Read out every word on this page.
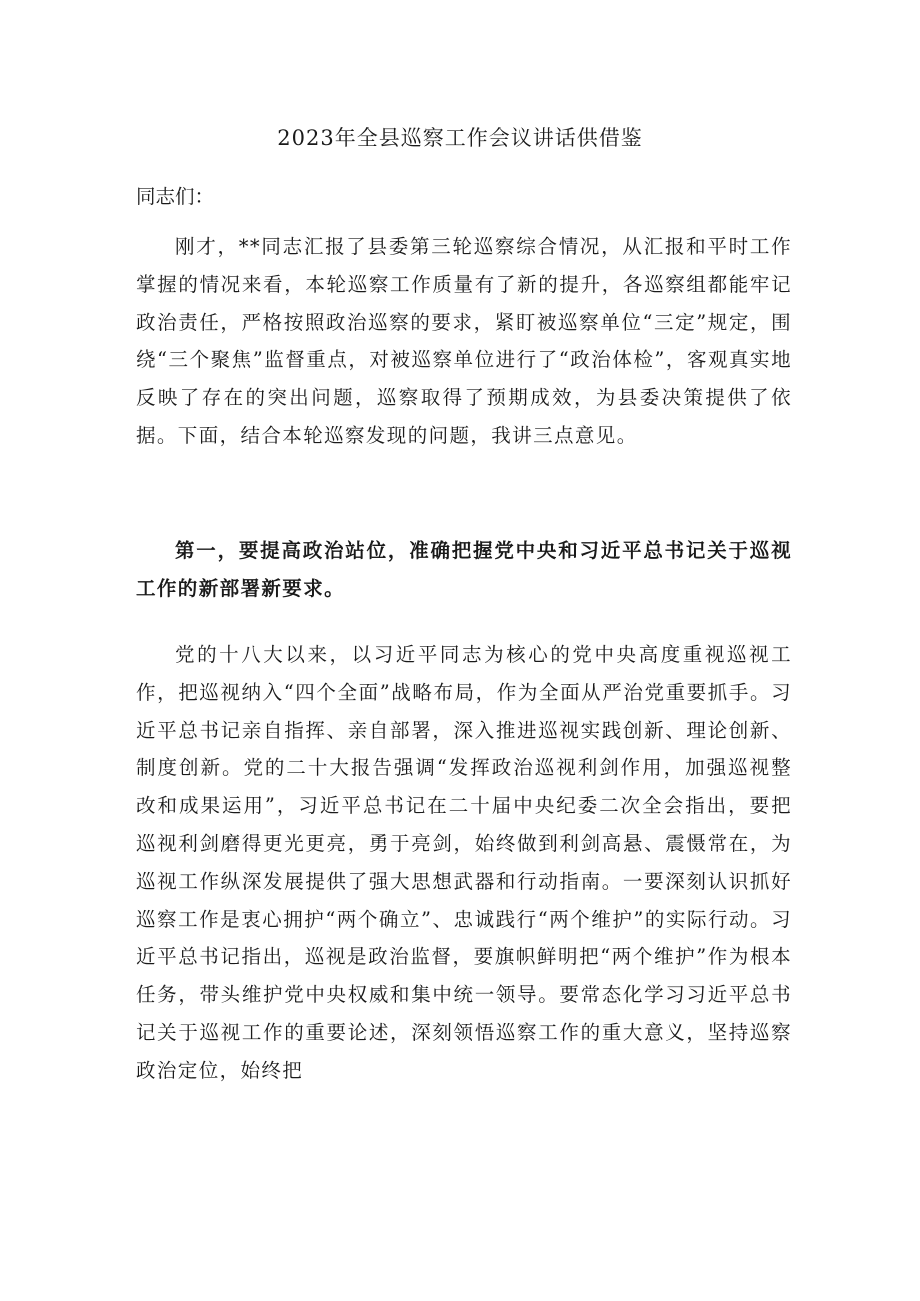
2023年全县巡察工作会议讲话供借鉴

同志们：

刚才，**同志汇报了县委第三轮巡察综合情况，从汇报和平时工作掌握的情况来看，本轮巡察工作质量有了新的提升，各巡察组都能牢记政治责任，严格按照政治巡察的要求，紧盯被巡察单位“三定”规定，围绕“三个聚焦”监督重点，对被巡察单位进行了“政治体检”，客观真实地反映了存在的突出问题，巡察取得了预期成效，为县委决策提供了依据。下面，结合本轮巡察发现的问题，我讲三点意见。

第一，要提高政治站位，准确把握党中央和习近平总书记关于巡视工作的新部署新要求。

党的十八大以来，以习近平同志为核心的党中央高度重视巡视工作，把巡视纳入“四个全面”战略布局，作为全面从严治党重要抓手。习近平总书记亲自指挥、亲自部署，深入推进巡视实践创新、理论创新、制度创新。党的二十大报告强调“发挥政治巡视利剑作用，加强巡视整改和成果运用”，习近平总书记在二十届中央纪委二次全会指出，要把巡视利剑磨得更光更亮，勇于亮剑，始终做到利剑高悬、震慑常在，为巡视工作纵深发展提供了强大思想武器和行动指南。一要深刻认识抓好巡察工作是衷心拥护“两个确立”、忠诚践行“两个维护”的实际行动。习近平总书记指出，巡视是政治监督，要旗帜鲜明把“两个维护”作为根本任务，带头维护党中央权威和集中统一领导。要常态化学习习近平总书记关于巡视工作的重要论述，深刻领悟巡察工作的重大意义，坚持巡察政治定位，始终把
